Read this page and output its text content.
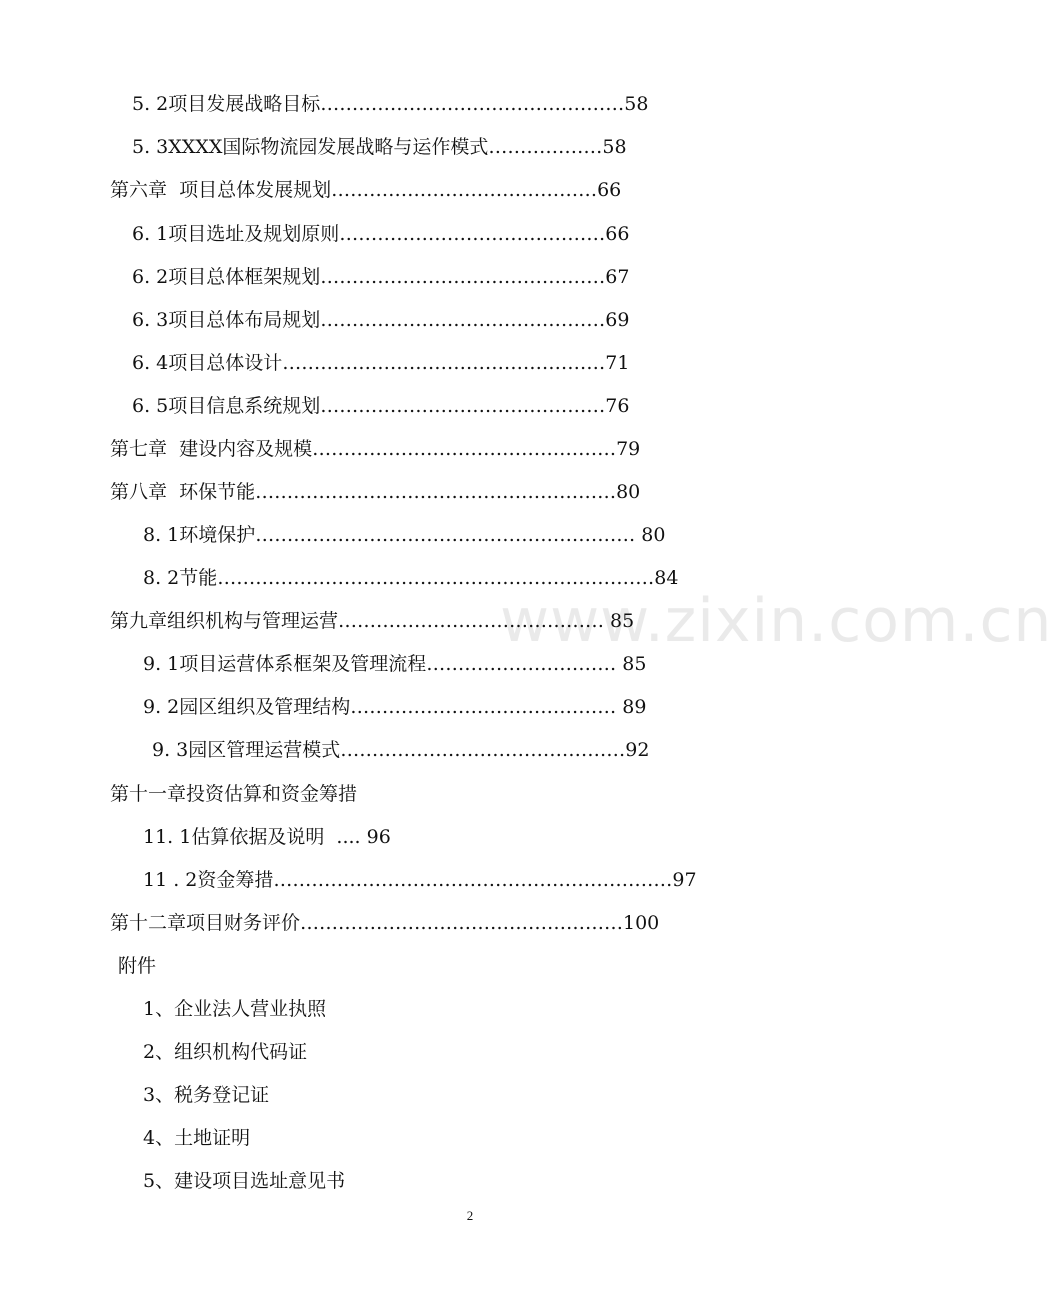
www.zixin.com.cn
5. 2项目发展战略目标…………………………………………58
5. 3XXXX国际物流园发展战略与运作模式………………58
第六章  项目总体发展规划……………………………………66
6. 1项目选址及规划原则……………………………………66
6. 2项目总体框架规划………………………………………67
6. 3项目总体布局规划………………………………………69
6. 4项目总体设计……………………………………………71
6. 5项目信息系统规划………………………………………76
第七章  建设内容及规模…………………………………………79
第八章  环保节能…………………………………………………80
8. 1环境保护…………………………………………………… 80
8. 2节能……………………………………………………………84
第九章组织机构与管理运营…………………………………… 85
9. 1项目运营体系框架及管理流程………………………… 85
9. 2园区组织及管理结构…………………………………… 89
9. 3园区管理运营模式………………………………………92
第十一章投资估算和资金筹措
11. 1估算依据及说明  .... 96
11 . 2资金筹措………………………………………………………97
第十二章项目财务评价……………………………………………100
附件
1、企业法人营业执照
2、组织机构代码证
3、税务登记证
4、土地证明
5、建设项目选址意见书
2
